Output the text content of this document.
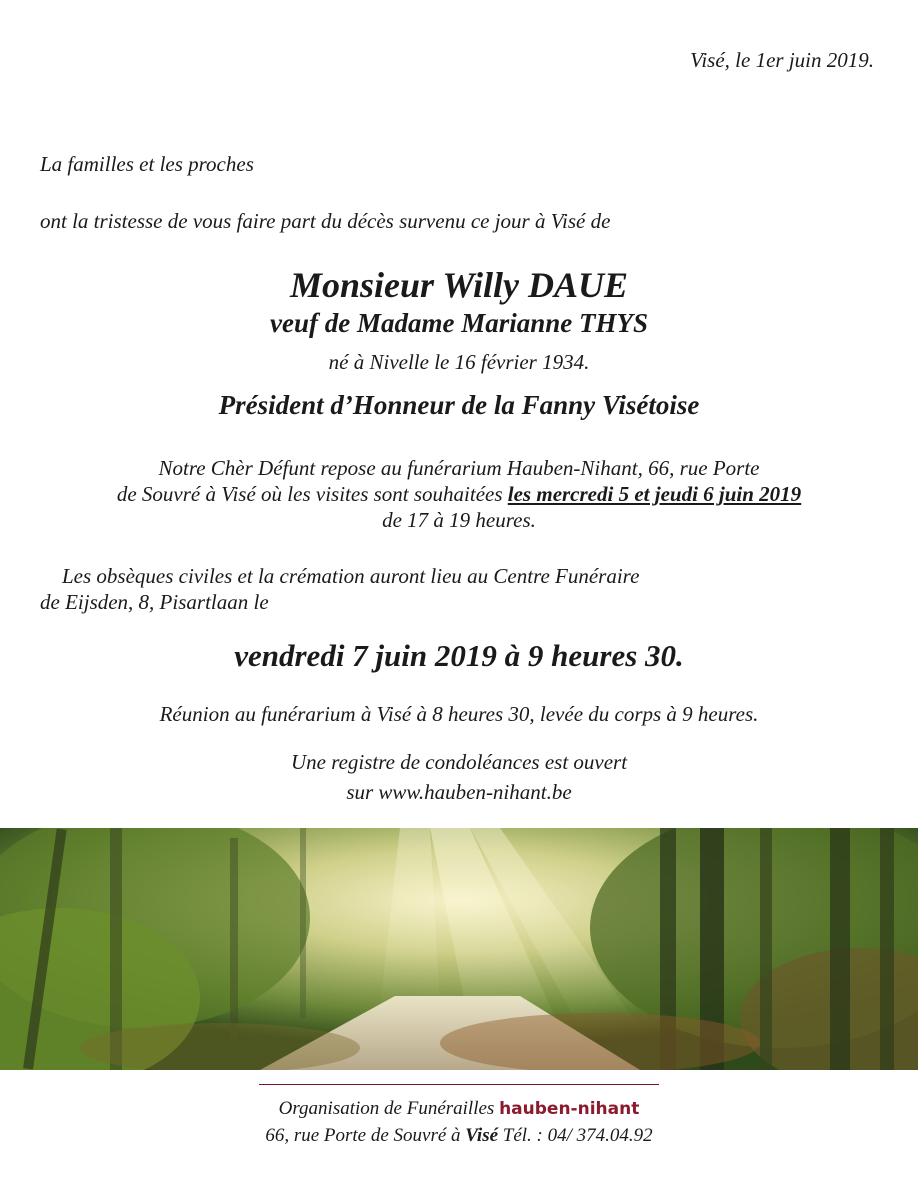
Visé, le 1er juin 2019.
La familles et les proches
ont la tristesse de vous faire part du décès survenu ce jour à Visé de
Monsieur Willy DAUE
veuf de Madame Marianne THYS
né à Nivelle le 16 février 1934.
Président d’Honneur de la Fanny Visétoise
Notre Chèr Défunt repose au funérarium Hauben-Nihant, 66, rue Porte
de Souvré à Visé où les visites sont souhaitées les mercredi 5 et jeudi 6 juin 2019
de 17 à 19 heures.
Les obsèques civiles et la crémation auront lieu au Centre Funéraire
de Eijsden, 8, Pisartlaan le
vendredi 7 juin 2019 à 9 heures 30.
Réunion au funérarium à Visé à 8 heures 30, levée du corps à 9 heures.
Une registre de condoléances est ouvert
sur www.hauben-nihant.be
Organisation de Funérailles hauben-nihant
66, rue Porte de Souvré à Visé Tél. : 04/ 374.04.92
